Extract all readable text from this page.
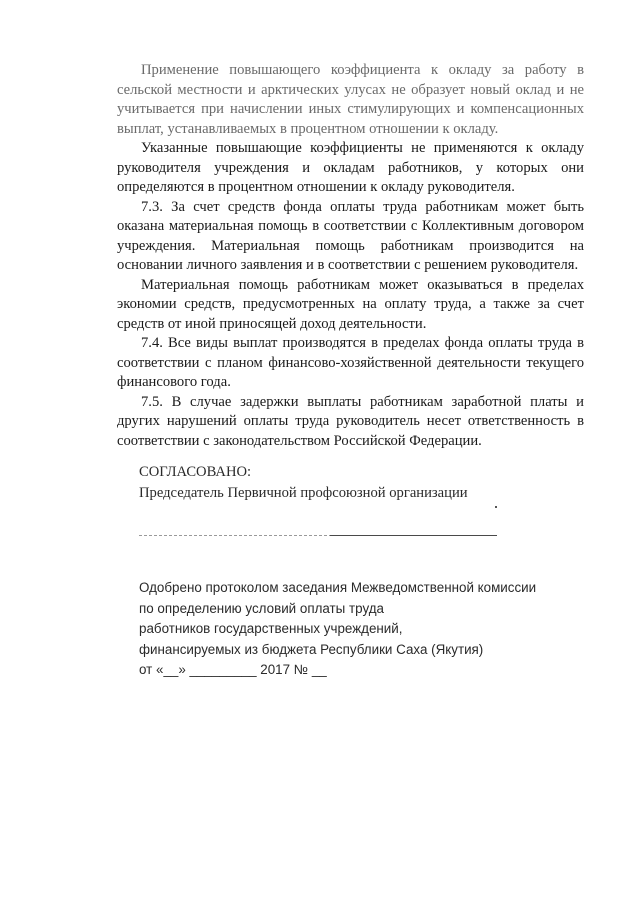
Применение повышающего коэффициента к окладу за работу в сельской местности и арктических улусах не образует новый оклад и не учитывается при начислении иных стимулирующих и компенсационных выплат, устанавливаемых в процентном отношении к окладу.

Указанные повышающие коэффициенты не применяются к окладу руководителя учреждения и окладам работников, у которых они определяются в процентном отношении к окладу руководителя.

7.3. За счет средств фонда оплаты труда работникам может быть оказана материальная помощь в соответствии с Коллективным договором учреждения. Материальная помощь работникам производится на основании личного заявления и в соответствии с решением руководителя.

Материальная помощь работникам может оказываться в пределах экономии средств, предусмотренных на оплату труда, а также за счет средств от иной приносящей доход деятельности.

7.4. Все виды выплат производятся в пределах фонда оплаты труда в соответствии с планом финансово-хозяйственной деятельности текущего финансового года.

7.5. В случае задержки выплаты работникам заработной платы и других нарушений оплаты труда руководитель несет ответственность в соответствии с законодательством Российской Федерации.

СОГЛАСОВАНО:
Председатель Первичной профсоюзной организации
Одобрено протоколом заседания Межведомственной комиссии
по определению условий оплаты труда
работников государственных учреждений,
финансируемых из бюджета Республики Саха (Якутия)
от «__» _________ 2017 № __
